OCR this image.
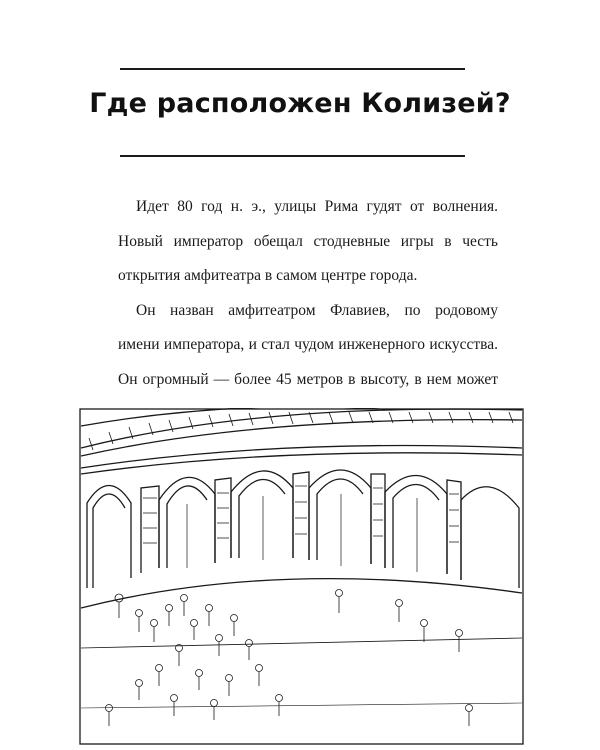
Где расположен Колизей?

Идет 80 год н. э., улицы Рима гудят от волнения.

Новый император обещал стодневные игры в честь

открытия амфитеатра в самом центре города.

Он назван амфитеатром Флавиев, по родовому

имени императора, и стал чудом инженерного искусства.

Он огромный — более 45 метров в высоту, в нем может
